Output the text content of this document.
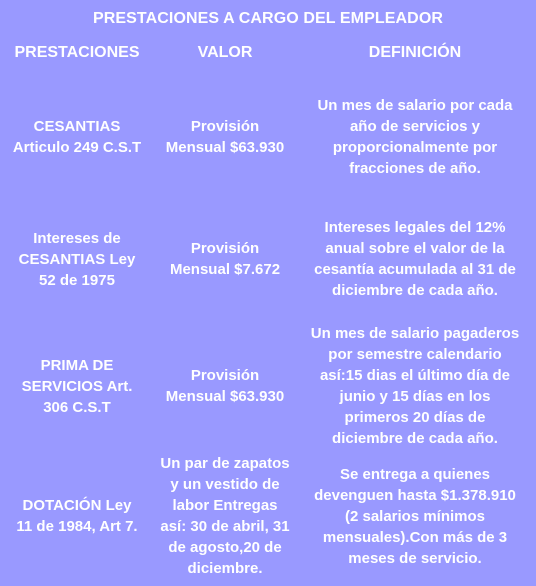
PRESTACIONES A CARGO DEL EMPLEADOR
PRESTACIONES	VALOR	DEFINICIÓN
CESANTIAS
Articulo 249 C.S.T
Provisión
Mensual $63.930
Un mes de salario por cada
año de servicios y
proporcionalmente por
fracciones de año.
Intereses de
CESANTIAS Ley
52 de 1975
Provisión
Mensual $7.672
Intereses legales del 12%
anual sobre el valor de la
cesantía acumulada al 31 de
diciembre de cada año.
PRIMA DE
SERVICIOS Art.
306 C.S.T
Provisión
Mensual $63.930
Un mes de salario pagaderos
por semestre calendario
así:15 dias el último día de
junio y 15 días en los
primeros 20 días de
diciembre de cada año.
DOTACIÓN Ley
11 de 1984, Art 7.
Un par de zapatos
y un vestido de
labor Entregas
así: 30 de abril, 31
de agosto,20 de
diciembre.
Se entrega a quienes
devenguen hasta $1.378.910
(2 salarios mínimos
mensuales).Con más de 3
meses de servicio.
